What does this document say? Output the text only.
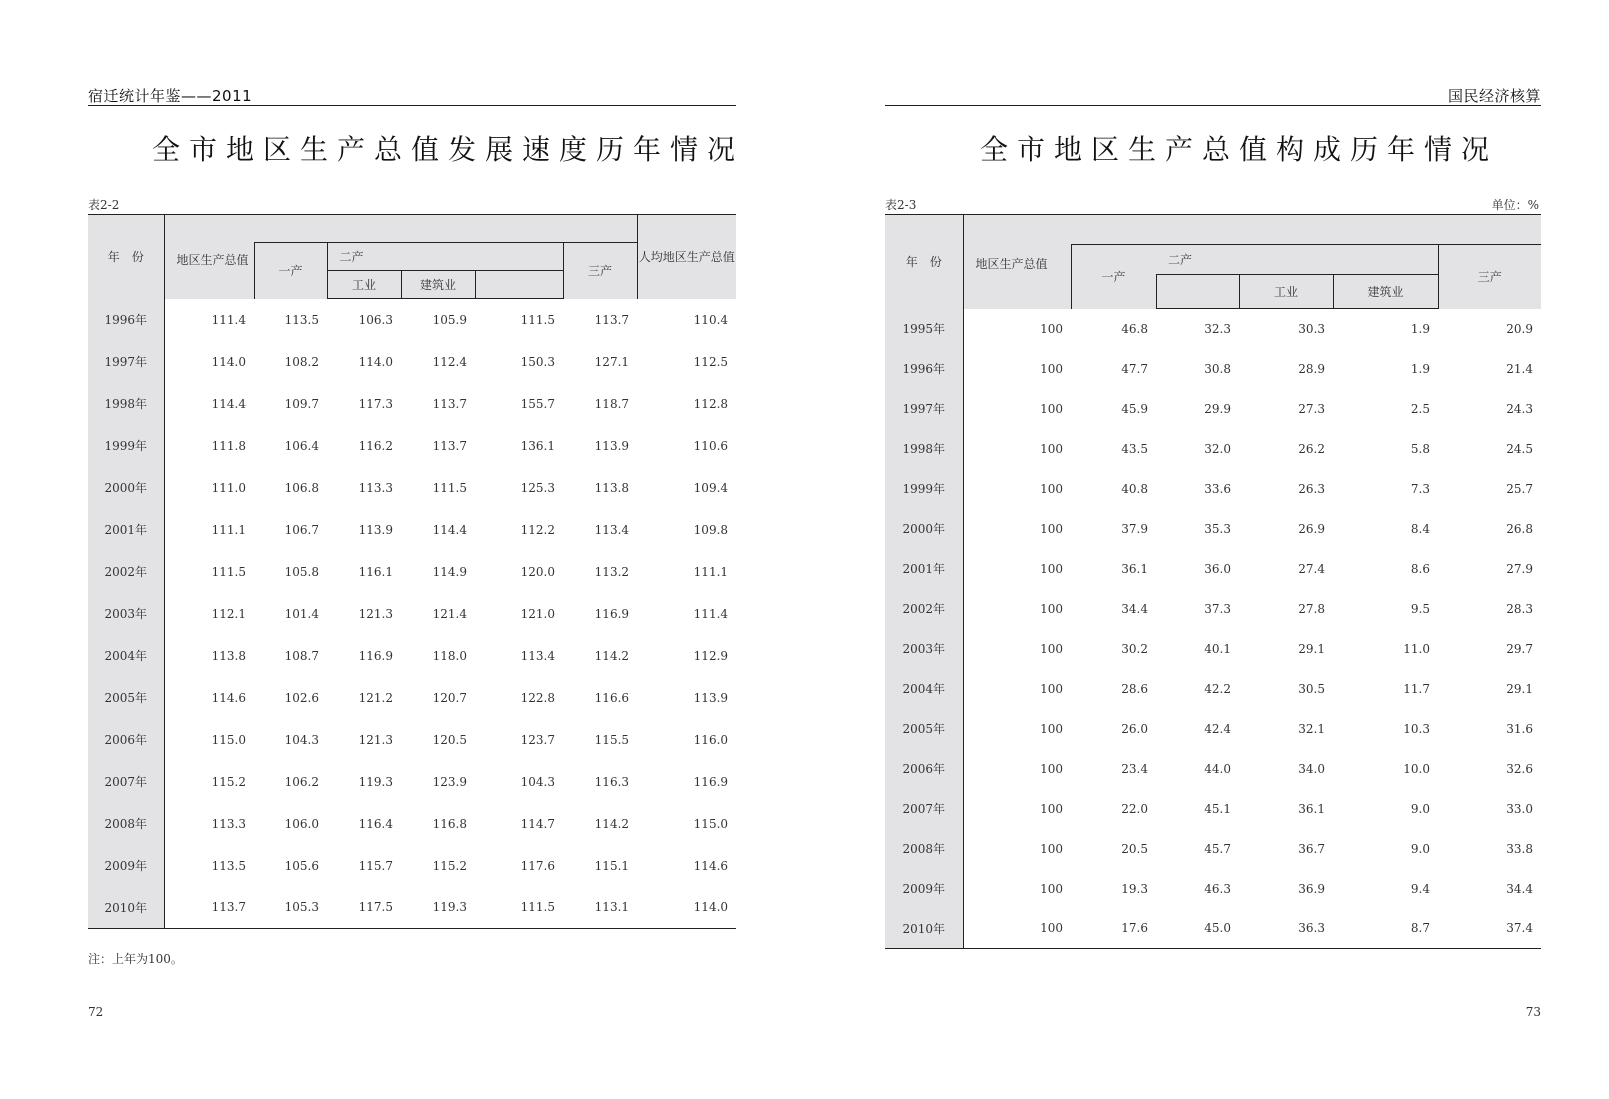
宿迁统计年鉴——2011
全市地区生产总值发展速度历年情况
表2-2
年　份	地区生产总值						人均地区生产总值
		一产	二产			三产	
			工业	建筑业			
1996年	111.4	113.5	106.3	105.9	111.5	113.7	110.4
1997年	114.0	108.2	114.0	112.4	150.3	127.1	112.5
1998年	114.4	109.7	117.3	113.7	155.7	118.7	112.8
1999年	111.8	106.4	116.2	113.7	136.1	113.9	110.6
2000年	111.0	106.8	113.3	111.5	125.3	113.8	109.4
2001年	111.1	106.7	113.9	114.4	112.2	113.4	109.8
2002年	111.5	105.8	116.1	114.9	120.0	113.2	111.1
2003年	112.1	101.4	121.3	121.4	121.0	116.9	111.4
2004年	113.8	108.7	116.9	118.0	113.4	114.2	112.9
2005年	114.6	102.6	121.2	120.7	122.8	116.6	113.9
2006年	115.0	104.3	121.3	120.5	123.7	115.5	116.0
2007年	115.2	106.2	119.3	123.9	104.3	116.3	116.9
2008年	113.3	106.0	116.4	116.8	114.7	114.2	115.0
2009年	113.5	105.6	115.7	115.2	117.6	115.1	114.6
2010年	113.7	105.3	117.5	119.3	111.5	113.1	114.0
注：上年为100。
72
国民经济核算
全市地区生产总值构成历年情况
表2-3	单位：%
年　份	地区生产总值					
		一产	二产			三产
				工业	建筑业	
1995年	100	46.8	32.3	30.3	1.9	20.9
1996年	100	47.7	30.8	28.9	1.9	21.4
1997年	100	45.9	29.9	27.3	2.5	24.3
1998年	100	43.5	32.0	26.2	5.8	24.5
1999年	100	40.8	33.6	26.3	7.3	25.7
2000年	100	37.9	35.3	26.9	8.4	26.8
2001年	100	36.1	36.0	27.4	8.6	27.9
2002年	100	34.4	37.3	27.8	9.5	28.3
2003年	100	30.2	40.1	29.1	11.0	29.7
2004年	100	28.6	42.2	30.5	11.7	29.1
2005年	100	26.0	42.4	32.1	10.3	31.6
2006年	100	23.4	44.0	34.0	10.0	32.6
2007年	100	22.0	45.1	36.1	9.0	33.0
2008年	100	20.5	45.7	36.7	9.0	33.8
2009年	100	19.3	46.3	36.9	9.4	34.4
2010年	100	17.6	45.0	36.3	8.7	37.4
73
